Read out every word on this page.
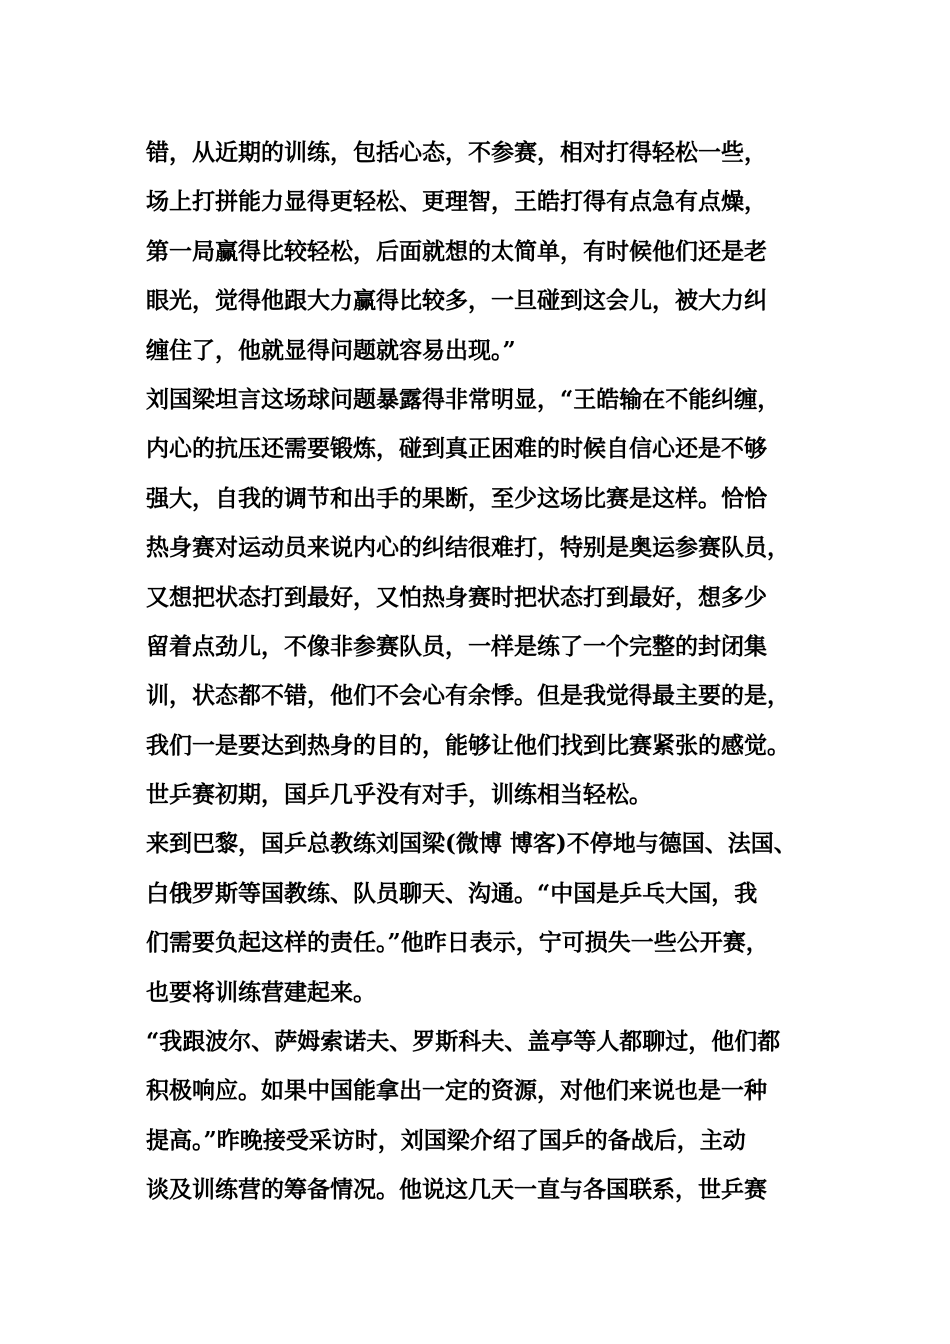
错，从近期的训练，包括心态，不参赛，相对打得轻松一些，
场上打拼能力显得更轻松、更理智，王皓打得有点急有点燥，
第一局赢得比较轻松，后面就想的太简单，有时候他们还是老
眼光，觉得他跟大力赢得比较多，一旦碰到这会儿，被大力纠
缠住了，他就显得问题就容易出现。”
刘国梁坦言这场球问题暴露得非常明显，“王皓输在不能纠缠，
内心的抗压还需要锻炼，碰到真正困难的时候自信心还是不够
强大，自我的调节和出手的果断，至少这场比赛是这样。恰恰
热身赛对运动员来说内心的纠结很难打，特别是奥运参赛队员，
又想把状态打到最好，又怕热身赛时把状态打到最好，想多少
留着点劲儿，不像非参赛队员，一样是练了一个完整的封闭集
训，状态都不错，他们不会心有余悸。但是我觉得最主要的是，
我们一是要达到热身的目的，能够让他们找到比赛紧张的感觉。
世乒赛初期，国乒几乎没有对手，训练相当轻松。
来到巴黎，国乒总教练刘国梁(微博 博客)不停地与德国、法国、
白俄罗斯等国教练、队员聊天、沟通。“中国是乒乓大国，我
们需要负起这样的责任。”他昨日表示，宁可损失一些公开赛，
也要将训练营建起来。
“我跟波尔、萨姆索诺夫、罗斯科夫、盖亭等人都聊过，他们都
积极响应。如果中国能拿出一定的资源，对他们来说也是一种
提高。”昨晚接受采访时，刘国梁介绍了国乒的备战后，主动
谈及训练营的筹备情况。他说这几天一直与各国联系，世乒赛
